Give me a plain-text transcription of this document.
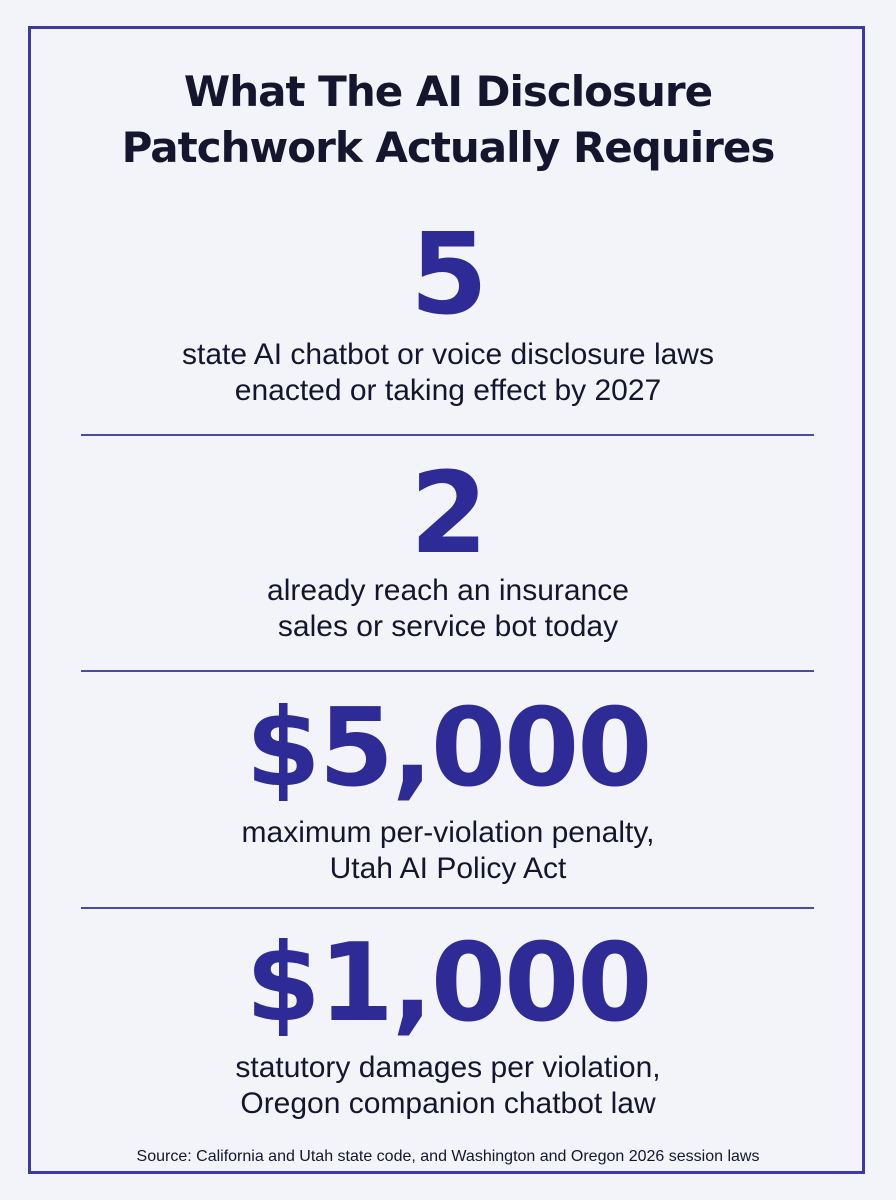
What The AI Disclosure
Patchwork Actually Requires
5
state AI chatbot or voice disclosure laws
enacted or taking effect by 2027
2
already reach an insurance
sales or service bot today
$5,000
maximum per-violation penalty,
Utah AI Policy Act
$1,000
statutory damages per violation,
Oregon companion chatbot law
Source: California and Utah state code, and Washington and Oregon 2026 session laws
